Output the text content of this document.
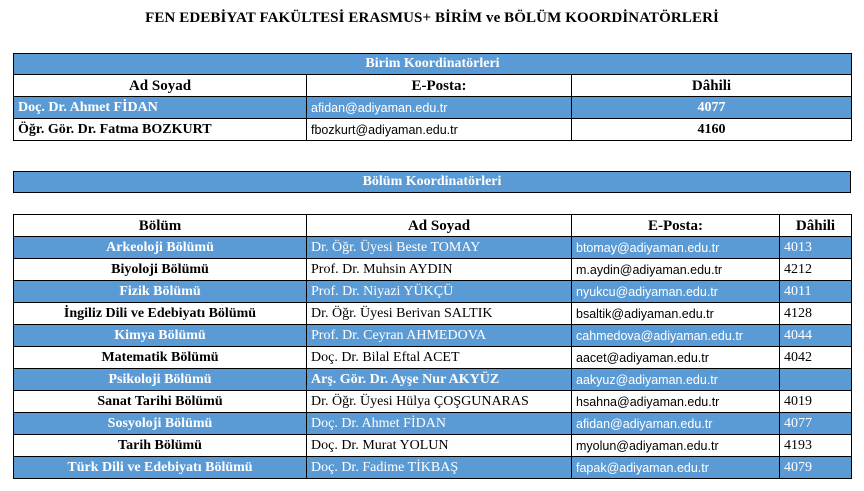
FEN EDEBİYAT FAKÜLTESİ ERASMUS+ BİRİM ve BÖLÜM KOORDİNATÖRLERİ
Birim Koordinatörleri		
Ad Soyad	E-Posta:	Dâhili
Doç. Dr. Ahmet FİDAN	afidan@adiyaman.edu.tr	4077
Öğr. Gör. Dr. Fatma BOZKURT	fbozkurt@adiyaman.edu.tr	4160
Bölüm Koordinatörleri
Bölüm	Ad Soyad	E-Posta:	Dâhili
Arkeoloji Bölümü	Dr. Öğr. Üyesi Beste TOMAY	btomay@adiyaman.edu.tr	4013
Biyoloji Bölümü	Prof. Dr. Muhsin AYDIN	m.aydin@adiyaman.edu.tr	4212
Fizik Bölümü	Prof. Dr. Niyazi YÜKÇÜ	nyukcu@adiyaman.edu.tr	4011
İngiliz Dili ve Edebiyatı Bölümü	Dr. Öğr. Üyesi Berivan SALTIK	bsaltik@adiyaman.edu.tr	4128
Kimya Bölümü	Prof. Dr. Ceyran AHMEDOVA	cahmedova@adiyaman.edu.tr	4044
Matematik Bölümü	Doç. Dr. Bilal Eftal ACET	aacet@adiyaman.edu.tr	4042
Psikoloji Bölümü	Arş. Gör. Dr. Ayşe Nur AKYÜZ	aakyuz@adiyaman.edu.tr	
Sanat Tarihi Bölümü	Dr. Öğr. Üyesi Hülya ÇOŞGUNARAS	hsahna@adiyaman.edu.tr	4019
Sosyoloji Bölümü	Doç. Dr. Ahmet FİDAN	afidan@adiyaman.edu.tr	4077
Tarih Bölümü	Doç. Dr. Murat YOLUN	myolun@adiyaman.edu.tr	4193
Türk Dili ve Edebiyatı Bölümü	Doç. Dr. Fadime TİKBAŞ	fapak@adiyaman.edu.tr	4079
